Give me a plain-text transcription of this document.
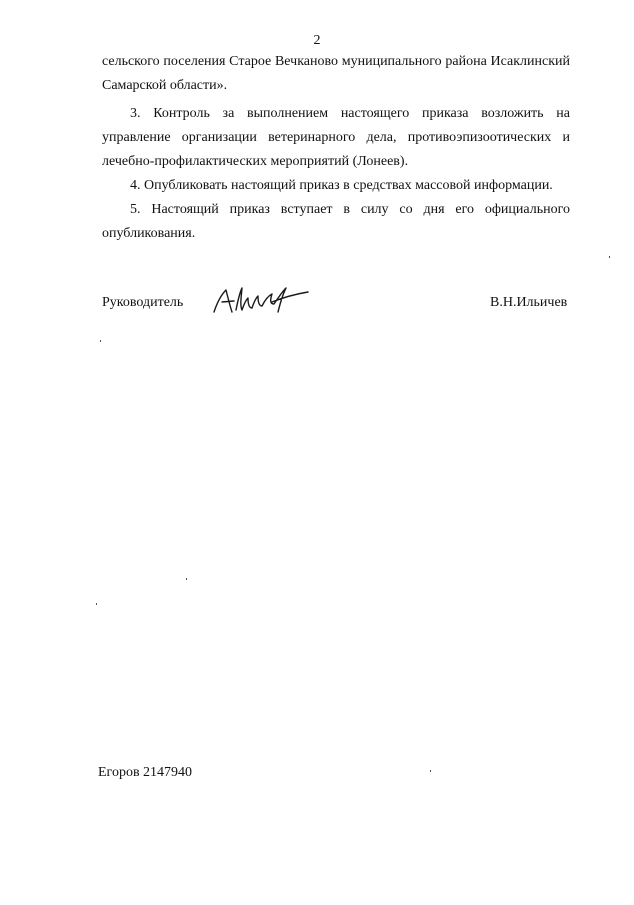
2
сельского поселения Старое Вечканово муниципального района Исаклинский
Самарской области».
3. Контроль за выполнением настоящего приказа возложить на
управление организации ветеринарного дела, противоэпизоотических и
лечебно-профилактических мероприятий (Лонеев).
4. Опубликовать настоящий приказ в средствах массовой информации.
5. Настоящий приказ вступает в силу со дня его официального
опубликования.
Руководитель	В.Н.Ильичев
Егоров 2147940
